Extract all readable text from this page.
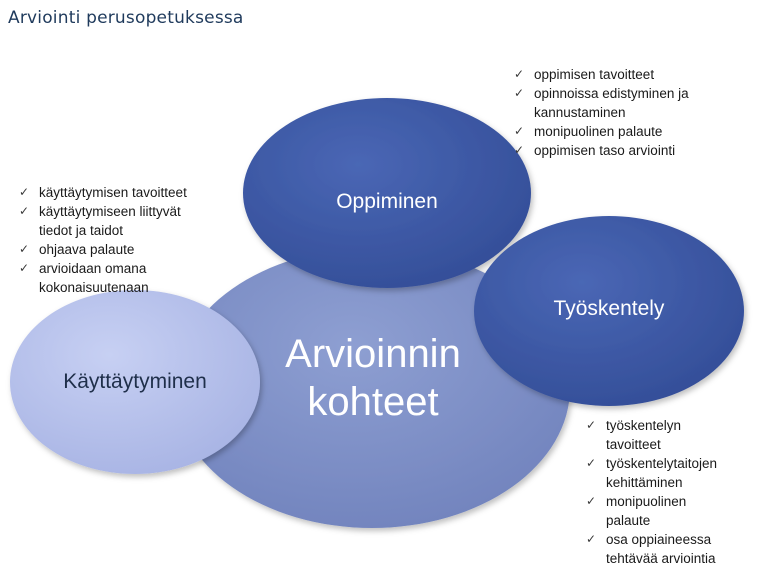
Arviointi perusopetuksessa
Arvioinnin
kohteet
Oppiminen
Työskentely
Käyttäytyminen
✓ oppimisen tavoitteet
✓ opinnoissa edistyminen ja
kannustaminen
✓ monipuolinen palaute
✓ oppimisen taso arviointi
✓ käyttäytymisen tavoitteet
✓ käyttäytymiseen liittyvät
tiedot ja taidot
✓ ohjaava palaute
✓ arvioidaan omana
kokonaisuutenaan
✓ työskentelyn
tavoitteet
✓ työskentelytaitojen
kehittäminen
✓ monipuolinen
palaute
✓ osa oppiaineessa
tehtävää arviointia
